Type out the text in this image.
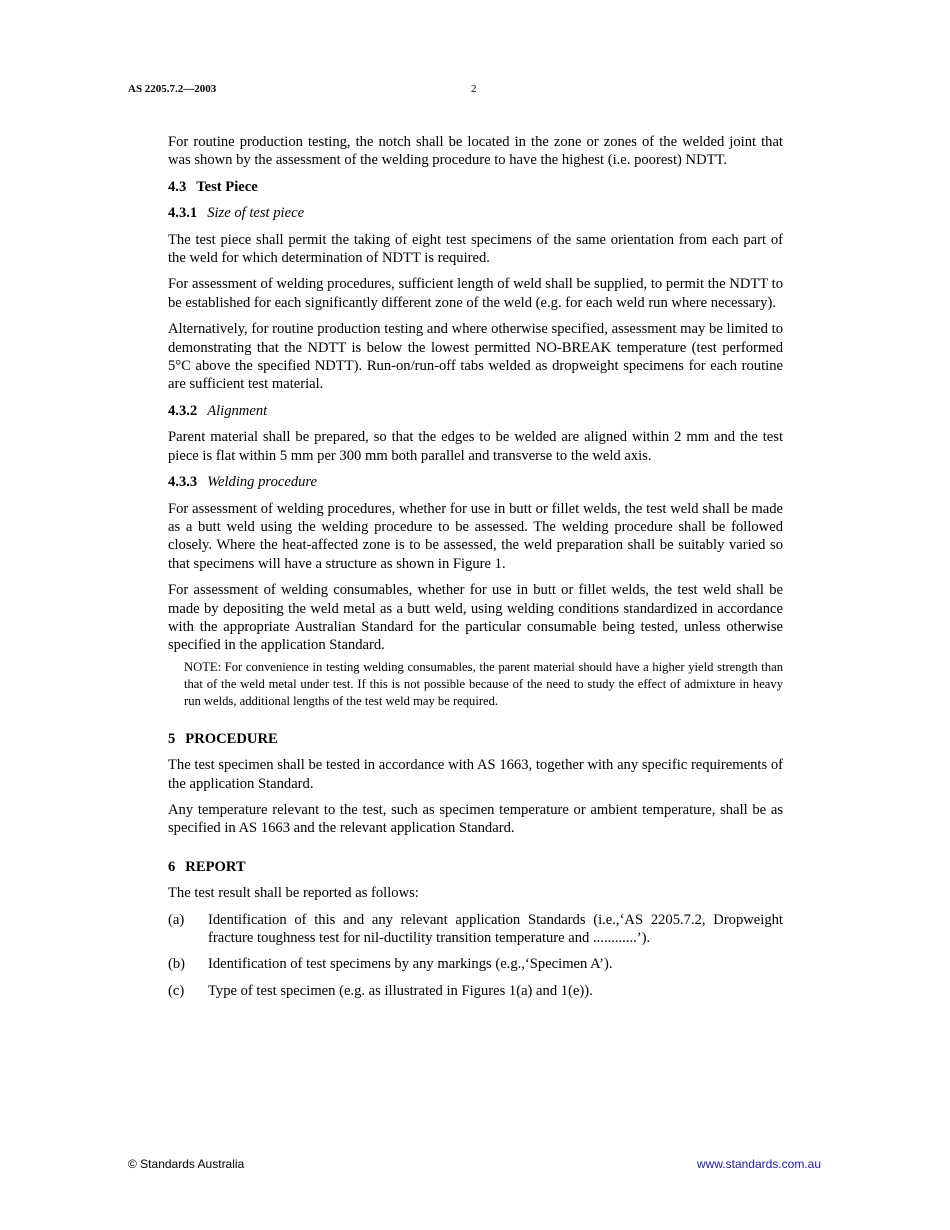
AS 2205.7.2—2003	2

For routine production testing, the notch shall be located in the zone or zones of the welded joint that was shown by the assessment of the welding procedure to have the highest (i.e. poorest) NDTT.

4.3 Test Piece
4.3.1 Size of test piece

The test piece shall permit the taking of eight test specimens of the same orientation from each part of the weld for which determination of NDTT is required.

For assessment of welding procedures, sufficient length of weld shall be supplied, to permit the NDTT to be established for each significantly different zone of the weld (e.g. for each weld run where necessary).

Alternatively, for routine production testing and where otherwise specified, assessment may be limited to demonstrating that the NDTT is below the lowest permitted NO-BREAK temperature (test performed 5°C above the specified NDTT). Run-on/run-off tabs welded as dropweight specimens for each routine are sufficient test material.

4.3.2 Alignment

Parent material shall be prepared, so that the edges to be welded are aligned within 2 mm and the test piece is flat within 5 mm per 300 mm both parallel and transverse to the weld axis.

4.3.3 Welding procedure

For assessment of welding procedures, whether for use in butt or fillet welds, the test weld shall be made as a butt weld using the welding procedure to be assessed. The welding procedure shall be followed closely. Where the heat-affected zone is to be assessed, the weld preparation shall be suitably varied so that specimens will have a structure as shown in Figure 1.

For assessment of welding consumables, whether for use in butt or fillet welds, the test weld shall be made by depositing the weld metal as a butt weld, using welding conditions standardized in accordance with the appropriate Australian Standard for the particular consumable being tested, unless otherwise specified in the application Standard.

NOTE: For convenience in testing welding consumables, the parent material should have a higher yield strength than that of the weld metal under test. If this is not possible because of the need to study the effect of admixture in heavy run welds, additional lengths of the test weld may be required.
5 PROCEDURE

The test specimen shall be tested in accordance with AS 1663, together with any specific requirements of the application Standard.

Any temperature relevant to the test, such as specimen temperature or ambient temperature, shall be as specified in AS 1663 and the relevant application Standard.

6 REPORT

The test result shall be reported as follows:

(a)	Identification of this and any relevant application Standards (i.e.,‘AS 2205.7.2, Dropweight fracture toughness test for nil-ductility transition temperature and ............’).
(b)	Identification of test specimens by any markings (e.g.,‘Specimen A’).
(c)	Type of test specimen (e.g. as illustrated in Figures 1(a) and 1(e)).
© Standards Australia	www.standards.com.au
